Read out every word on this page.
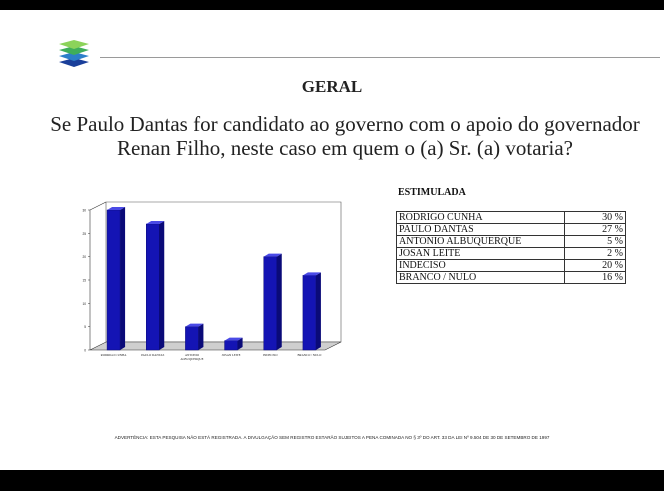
GERAL
Se Paulo Dantas for candidato ao governo com o apoio do governador Renan Filho, neste caso em quem o (a) Sr. (a) votaria?
0
5
10
15
20
25
30
RODRIGO CUNHA	PAULO DANTAS	ANTONIO ALBUQUERQUE
JOSAN LEITE	INDECISO	BRANCO / NULO
ESTIMULADA
RODRIGO CUNHA	30 %
PAULO DANTAS	27 %
ANTONIO ALBUQUERQUE	5 %
JOSAN LEITE	2 %
INDECISO	20 %
BRANCO / NULO	16 %
ADVERTÊNCIA: ESTA PESQUISA NÃO ESTÁ REGISTRADA. A DIVULGAÇÃO SEM REGISTRO ESTARÃO SUJEITOS A PENA COMINADA NO § 3º DO ART. 33 DA LEI Nº 9.504 DE 30 DE SETEMBRO DE 1997
